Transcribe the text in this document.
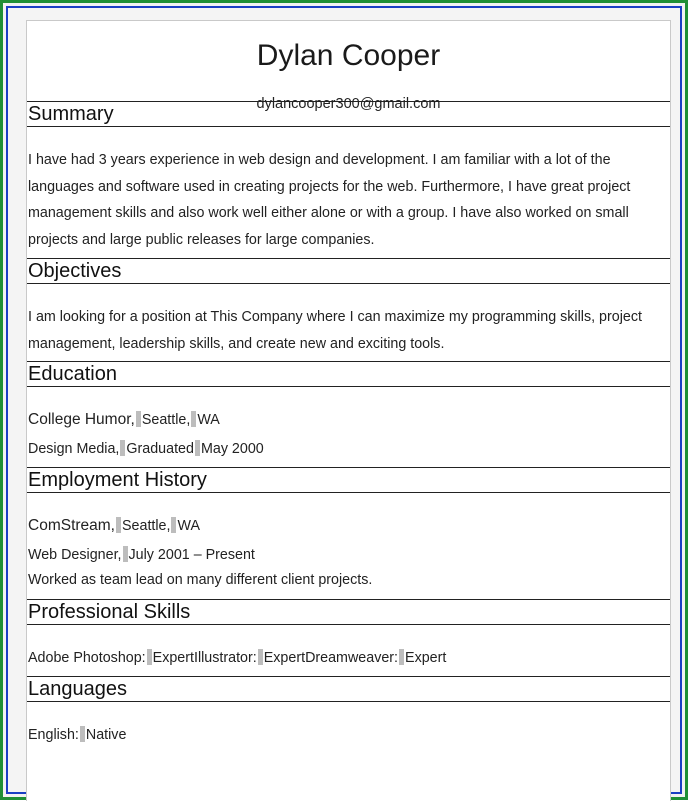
Dylan Cooper
dylancooper300@gmail.com
Summary
I have had 3 years experience in web design and development. I am familiar with a lot of the languages and software used in creating projects for the web. Furthermore, I have great project management skills and also work well either alone or with a group. I have also worked on small projects and large public releases for large companies.
Objectives
I am looking for a position at This Company where I can maximize my programming skills, project management, leadership skills, and create new and exciting tools.
Education
College Humor, Seattle, WA
Design Media, Graduated May 2000
Employment History
ComStream, Seattle, WA
Web Designer, July 2001 – Present
Worked as team lead on many different client projects.
Professional Skills
Adobe Photoshop: ExpertIllustrator: ExpertDreamweaver: Expert
Languages
English: Native
